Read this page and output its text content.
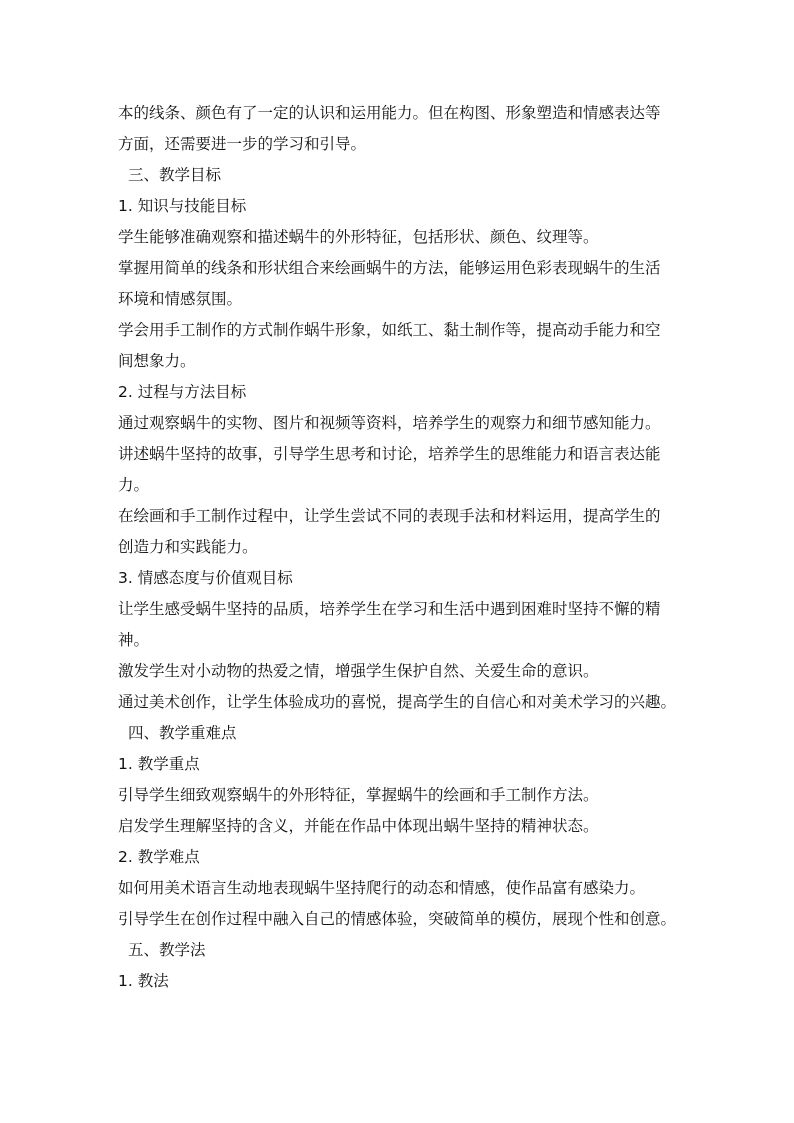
本的线条、颜色有了一定的认识和运用能力。但在构图、形象塑造和情感表达等
方面，还需要进一步的学习和引导。
三、教学目标
1. 知识与技能目标
学生能够准确观察和描述蜗牛的外形特征，包括形状、颜色、纹理等。
掌握用简单的线条和形状组合来绘画蜗牛的方法，能够运用色彩表现蜗牛的生活
环境和情感氛围。
学会用手工制作的方式制作蜗牛形象，如纸工、黏土制作等，提高动手能力和空
间想象力。
2. 过程与方法目标
通过观察蜗牛的实物、图片和视频等资料，培养学生的观察力和细节感知能力。
讲述蜗牛坚持的故事，引导学生思考和讨论，培养学生的思维能力和语言表达能
力。
在绘画和手工制作过程中，让学生尝试不同的表现手法和材料运用，提高学生的
创造力和实践能力。
3. 情感态度与价值观目标
让学生感受蜗牛坚持的品质，培养学生在学习和生活中遇到困难时坚持不懈的精
神。
激发学生对小动物的热爱之情，增强学生保护自然、关爱生命的意识。
通过美术创作，让学生体验成功的喜悦，提高学生的自信心和对美术学习的兴趣。
四、教学重难点
1. 教学重点
引导学生细致观察蜗牛的外形特征，掌握蜗牛的绘画和手工制作方法。
启发学生理解坚持的含义，并能在作品中体现出蜗牛坚持的精神状态。
2. 教学难点
如何用美术语言生动地表现蜗牛坚持爬行的动态和情感，使作品富有感染力。
引导学生在创作过程中融入自己的情感体验，突破简单的模仿，展现个性和创意。
五、教学法
1. 教法
